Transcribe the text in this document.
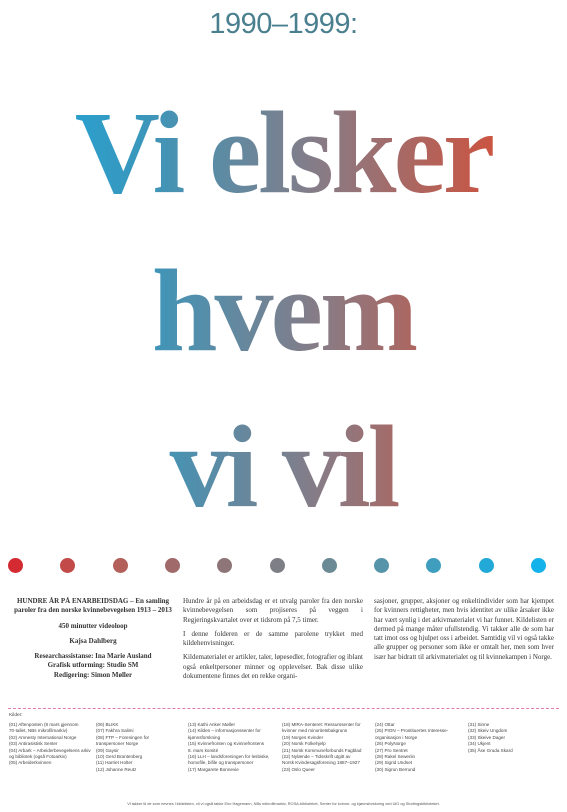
1990–1999:
Vi elsker
hvem
vi vil
HUNDRE ÅR PÅ ENARBEIDSDAG – En samling paroler fra den norske kvinnebevegelsen 1913 – 2013
450 minutter videoloop
Kajsa Dahlberg
Researchassistanse: Ina Marie Ausland
Grafisk utforming: Studio SM
Redigering: Simon Møller

Hundre år på en arbeidsdag er et utvalg paroler fra den norske kvinnebevegelsen som projiseres på veggen i Regjeringskvartalet over et tidsrom på 7,5 timer.

I denne folderen er de samme parolene trykket med kildehenvisninger.

Kildematerialet er artikler, taler, løpesedler, fotografier og iblant også enkeltpersoner minner og opplevelser. Bak disse ulike dokumentene finnes det en rekke organi-

sasjoner, grupper, aksjoner og enkeltindivider som har kjempet for kvinners rettigheter, men hvis identitet av ulike årsaker ikke har vært synlig i det arkivmaterialet vi har funnet. Kildelisten er dermed på mange måter ufullstendig. Vi takker alle de som har tatt imot oss og hjulpet oss i arbeidet. Samtidig vil vi også takke alle grupper og personer som ikke er omtalt her, men som hver især har bidratt til arkivmaterialet og til kvinnekampen i Norge.

Kilder:
(01) Aftenposten (8 mars gjennom
70-tallet, NBs mikrofilmarkiv)
(02) Amnesty International Norge
(03) Antirasistisk Senter
(04) Arbark – Arbeiderbevegelsens arkiv
og bibliotek (også Fotoarkiv)
(05) Arbeiderkvinnen
(06) BLIKK
(07) Fakhra Salimi
(08) FTP – Foreningen for
transpersoner Norge
(09) Gaysir
(10) Gerd Brantenberg
(11) Harriet Holter
(12) Johanne Reutz
(13) Kathi Anker Møller
(14) Kilden – informasjonssenter for
kjønnsforskning
(15) Kvinnefronten og Kvinnefrontens
8. mars komité
(16) LLH – landsforeningen for lesbiske,
homofile, bifile og transpersoner
(17) Margarete Bonnevie
(18) MIRA-Senteret: Ressurssenter for
kvinner med minoritetsbakgrunn
(19) Norges Kvinder
(20) Norsk Folkehjelp
(21) Norsk Kommuneforbunds Fagblad
(22) Nylænde – Tidsskrift utgitt av
Norsk Kvindesagsforening 1887–1927
(23) Oslo Queer
(24) Ottar
(25) PION – Prostituertes Interesse-
organisasjon i Norge
(26) PolyNorge
(27) Pro Sentret
(28) Rakel Seweriin
(29) Sigrid Undset
(30) Sigrun Berrund
(31) Sinne
(32) Skeiv Ungdom
(33) Skeive Dager
(34) Ukjent
(35) Åse Gruda Skard
Vi takker til de som nevnes i kildelisten, vil vi også takke Eiro Hagemann, NBs mikrofilmarkiv, ROSA-biblioteket, Senter for kvinne- og kjønnsforskning ved UiO og Stortingsbiblioteket.
